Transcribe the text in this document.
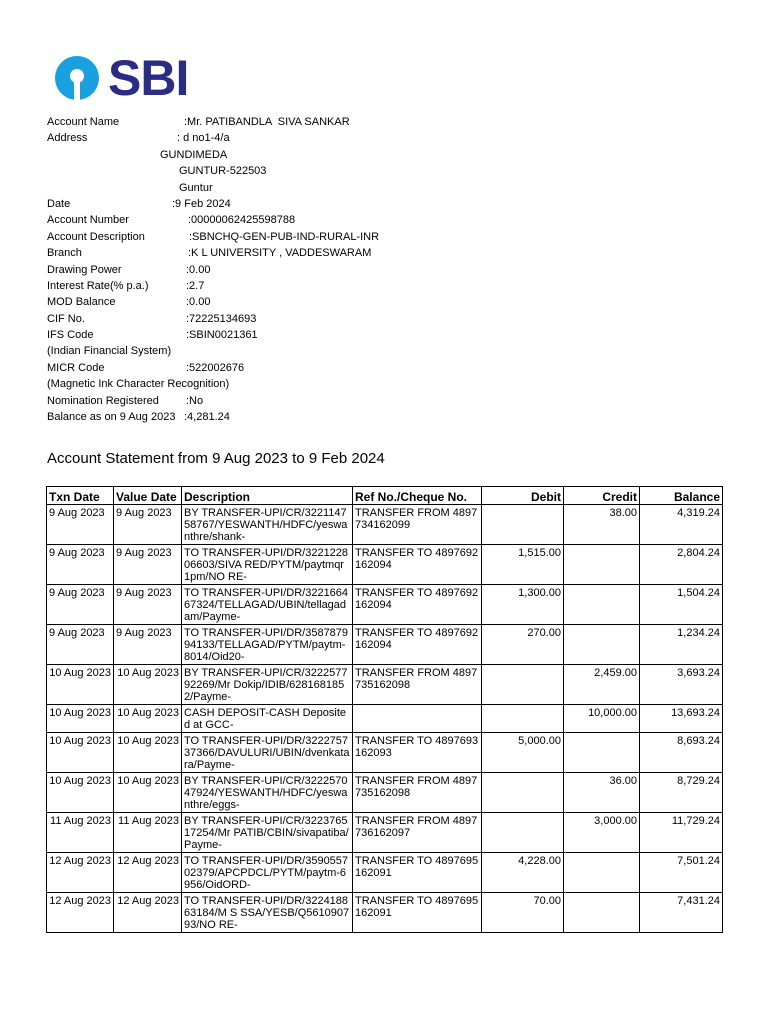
SBI
Account Name	:Mr. PATIBANDLA  SIVA SANKAR
Address	: d no1-4/a
GUNDIMEDA
GUNTUR-522503
Guntur
Date	:9 Feb 2024
Account Number	:00000062425598788
Account Description	:SBNCHQ-GEN-PUB-IND-RURAL-INR
Branch	:K L UNIVERSITY , VADDESWARAM
Drawing Power	:0.00
Interest Rate(% p.a.)	:2.7
MOD Balance	:0.00
CIF No.	:72225134693
IFS Code	:SBIN0021361
(Indian Financial System)
MICR Code	:522002676
(Magnetic Ink Character Recognition)
Nomination Registered :No
Balance as on 9 Aug 2023 :4,281.24
Account Statement from 9 Aug 2023 to 9 Feb 2024
Txn Date	Value Date	Description	Ref No./Cheque No.	Debit	Credit	Balance
9 Aug 2023	9 Aug 2023	BY TRANSFER-UPI/CR/322114758767/YESWANTH/HDFC/yeswanthre/shank-	TRANSFER FROM 4897734162099		38.00	4,319.24
9 Aug 2023	9 Aug 2023	TO TRANSFER-UPI/DR/322122806603/SIVA RED/PYTM/paytmqr1pm/NO RE-	TRANSFER TO 4897692162094	1,515.00		2,804.24
9 Aug 2023	9 Aug 2023	TO TRANSFER-UPI/DR/322166467324/TELLAGAD/UBIN/tellagadam/Payme-	TRANSFER TO 4897692162094	1,300.00		1,504.24
9 Aug 2023	9 Aug 2023	TO TRANSFER-UPI/DR/358787994133/TELLAGAD/PYTM/paytm-8014/Oid20-	TRANSFER TO 4897692162094	270.00		1,234.24
10 Aug 2023	10 Aug 2023	BY TRANSFER-UPI/CR/322257792269/Mr Dokip/IDIB/6281681852/Payme-	TRANSFER FROM 4897735162098		2,459.00	3,693.24
10 Aug 2023	10 Aug 2023	CASH DEPOSIT-CASH Deposited at GCC-			10,000.00	13,693.24
10 Aug 2023	10 Aug 2023	TO TRANSFER-UPI/DR/322275737366/DAVULURI/UBIN/dvenkatara/Payme-	TRANSFER TO 4897693162093	5,000.00		8,693.24
10 Aug 2023	10 Aug 2023	BY TRANSFER-UPI/CR/322257047924/YESWANTH/HDFC/yeswanthre/eggs-	TRANSFER FROM 4897735162098		36.00	8,729.24
11 Aug 2023	11 Aug 2023	BY TRANSFER-UPI/CR/322376517254/Mr PATIB/CBIN/sivapatiba/Payme-	TRANSFER FROM 4897736162097		3,000.00	11,729.24
12 Aug 2023	12 Aug 2023	TO TRANSFER-UPI/DR/359055702379/APCPDCL/PYTM/paytm-6956/OidORD-	TRANSFER TO 4897695162091	4,228.00		7,501.24
12 Aug 2023	12 Aug 2023	TO TRANSFER-UPI/DR/322418863184/M S SSA/YESB/Q561090793/NO RE-	TRANSFER TO 4897695162091	70.00		7,431.24
